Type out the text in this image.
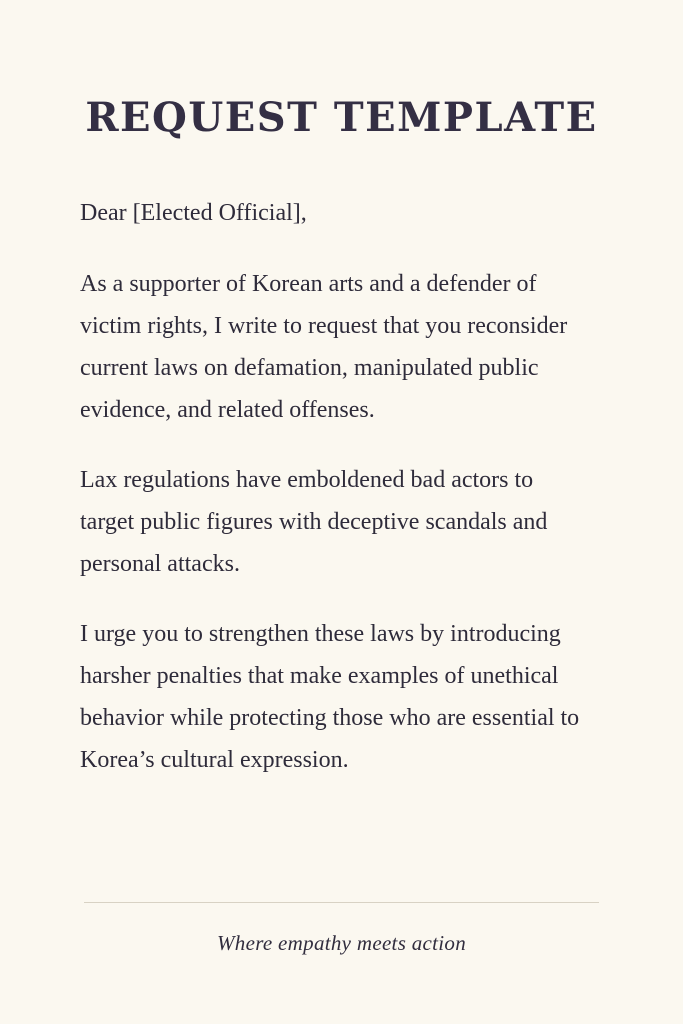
REQUEST TEMPLATE
Dear [Elected Official],

As a supporter of Korean arts and a defender of victim rights, I write to request that you reconsider current laws on defamation, manipulated public evidence, and related offenses.

Lax regulations have emboldened bad actors to target public figures with deceptive scandals and personal attacks.

I urge you to strengthen these laws by introducing harsher penalties that make examples of unethical behavior while protecting those who are essential to Korea’s cultural expression.

Where empathy meets action
